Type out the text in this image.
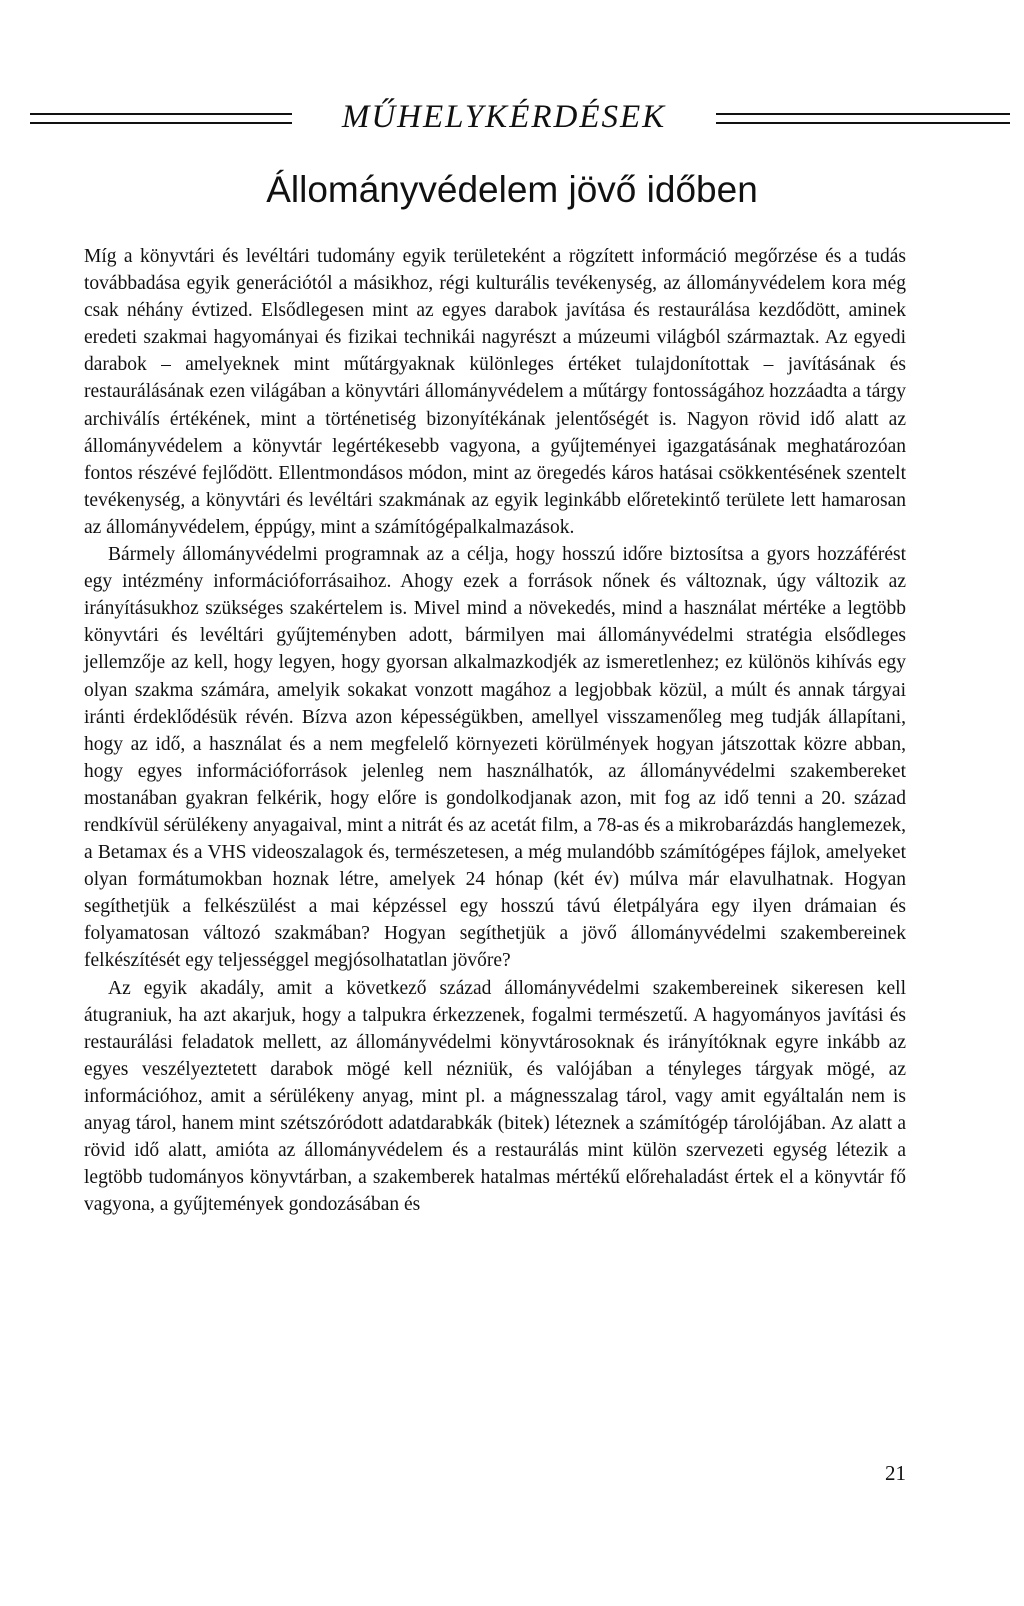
MŰHELYKÉRDÉSEK
Állományvédelem jövő időben

Míg a könyvtári és levéltári tudomány egyik területeként a rögzített információ megőrzése és a tudás továbbadása egyik generációtól a másikhoz, régi kulturális tevékenység, az állományvédelem kora még csak néhány évtized. Elsődlegesen mint az egyes darabok javítása és restaurálása kezdődött, aminek eredeti szakmai hagyományai és fizikai technikái nagyrészt a múzeumi világból származtak. Az egyedi darabok – amelyeknek mint műtárgyaknak különleges értéket tulajdonítottak – javításának és restaurálásának ezen világában a könyvtári állományvédelem a műtárgy fontosságához hozzáadta a tárgy archiválís értékének, mint a történetiség bizonyítékának jelentőségét is. Nagyon rövid idő alatt az állományvédelem a könyvtár legértékesebb vagyona, a gyűjteményei igazgatásának meghatározóan fontos részévé fejlődött. Ellentmondásos módon, mint az öregedés káros hatásai csökkentésének szentelt tevékenység, a könyvtári és levéltári szakmának az egyik leginkább előretekintő területe lett hamarosan az állományvédelem, éppúgy, mint a számítógépalkalmazások.

Bármely állományvédelmi programnak az a célja, hogy hosszú időre biztosítsa a gyors hozzáférést egy intézmény információforrásaihoz. Ahogy ezek a források nőnek és változnak, úgy változik az irányításukhoz szükséges szakértelem is. Mivel mind a növekedés, mind a használat mértéke a legtöbb könyvtári és levéltári gyűjteményben adott, bármilyen mai állományvédelmi stratégia elsődleges jellemzője az kell, hogy legyen, hogy gyorsan alkalmazkodjék az ismeretlenhez; ez különös kihívás egy olyan szakma számára, amelyik sokakat vonzott magához a legjobbak közül, a múlt és annak tárgyai iránti érdeklődésük révén. Bízva azon képességükben, amellyel visszamenőleg meg tudják állapítani, hogy az idő, a használat és a nem megfelelő környezeti körülmények hogyan játszottak közre abban, hogy egyes információforrások jelenleg nem használhatók, az állományvédelmi szakembereket mostanában gyakran felkérik, hogy előre is gondolkodjanak azon, mit fog az idő tenni a 20. század rendkívül sérülékeny anyagaival, mint a nitrát és az acetát film, a 78-as és a mikrobarázdás hanglemezek, a Betamax és a VHS videoszalagok és, természetesen, a még mulandóbb számítógépes fájlok, amelyeket olyan formátumokban hoznak létre, amelyek 24 hónap (két év) múlva már elavulhatnak. Hogyan segíthetjük a felkészülést a mai képzéssel egy hosszú távú életpályára egy ilyen drámaian és folyamatosan változó szakmában? Hogyan segíthetjük a jövő állományvédelmi szakembereinek felkészítését egy teljességgel megjósolhatatlan jövőre?

Az egyik akadály, amit a következő század állományvédelmi szakembereinek sikeresen kell átugraniuk, ha azt akarjuk, hogy a talpukra érkezzenek, fogalmi természetű. A hagyományos javítási és restaurálási feladatok mellett, az állományvédelmi könyvtárosoknak és irányítóknak egyre inkább az egyes veszélyeztetett darabok mögé kell nézniük, és valójában a tényleges tárgyak mögé, az információhoz, amit a sérülékeny anyag, mint pl. a mágnesszalag tárol, vagy amit egyáltalán nem is anyag tárol, hanem mint szétszóródott adatdarabkák (bitek) léteznek a számítógép tárolójában. Az alatt a rövid idő alatt, amióta az állományvédelem és a restaurálás mint külön szervezeti egység létezik a legtöbb tudományos könyvtárban, a szakemberek hatalmas mértékű előrehaladást értek el a könyvtár fő vagyona, a gyűjtemények gondozásában és

21
